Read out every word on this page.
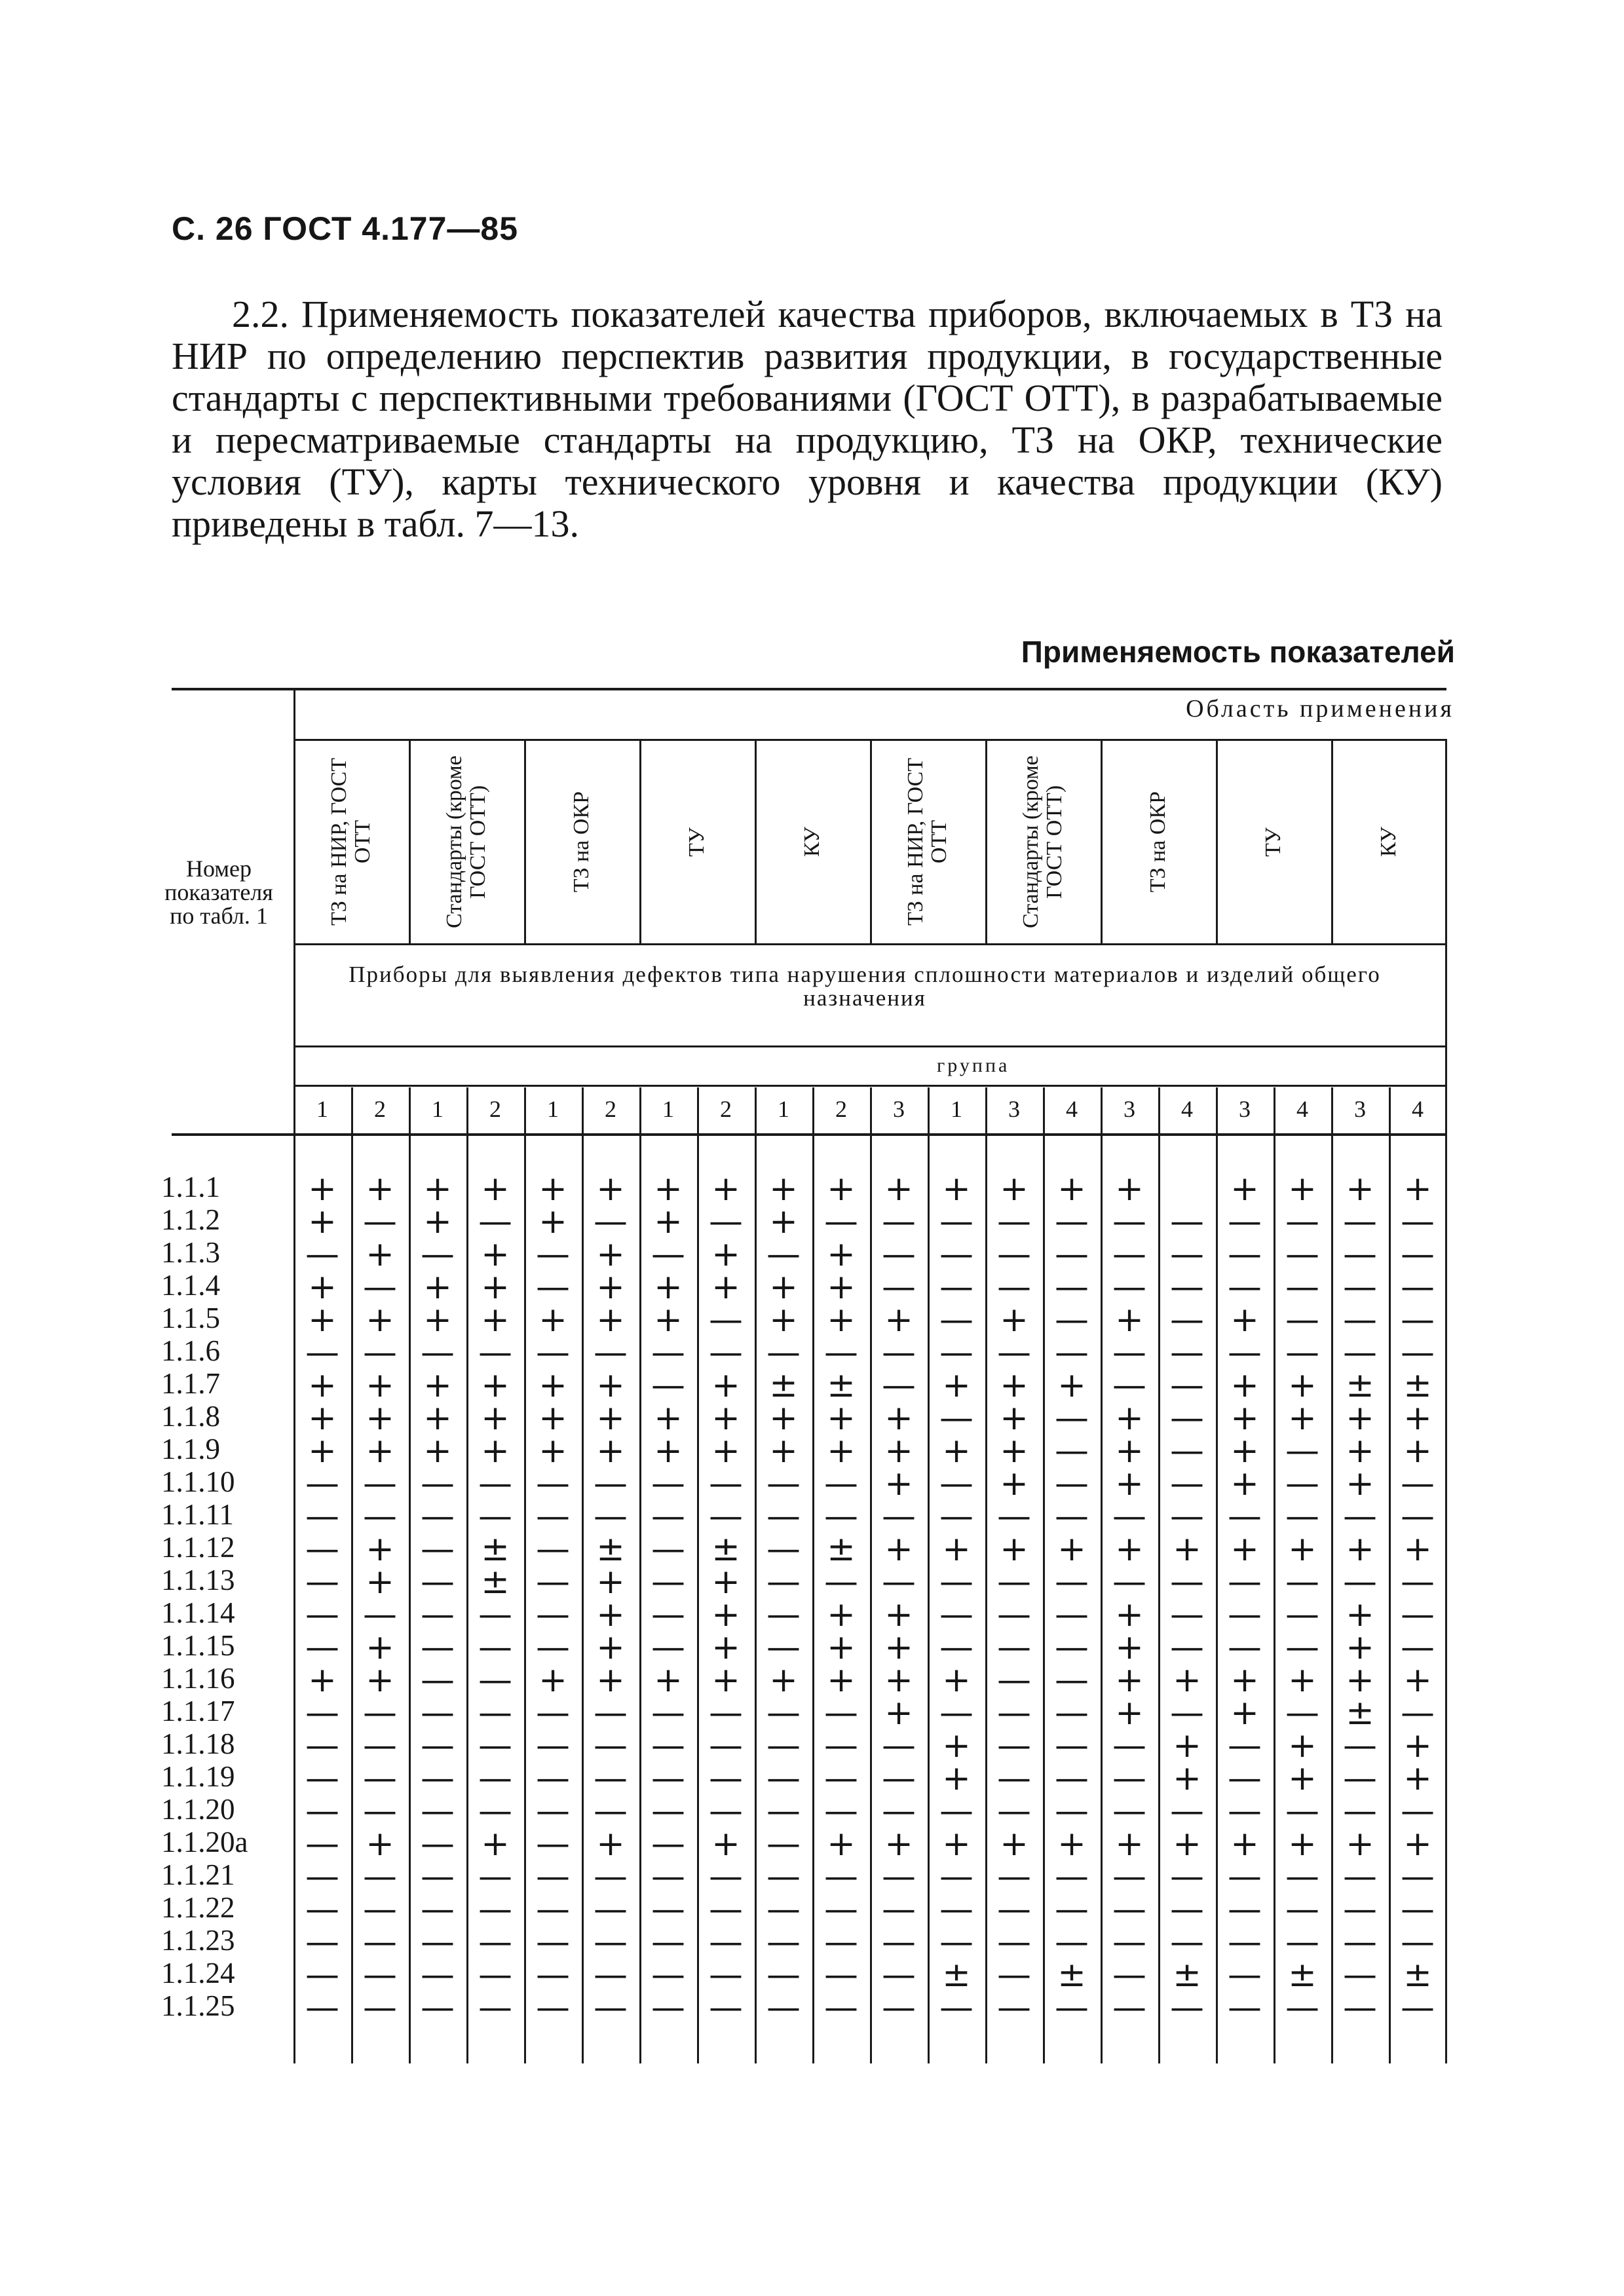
С. 26 ГОСТ 4.177—85

2.2. Применяемость показателей качества приборов, включаемых в ТЗ на НИР по определению перспектив развития продукции, в государственные стандарты с перспективными требованиями (ГОСТ ОТТ), в разрабатываемые и пересматриваемые стандарты на продукцию, ТЗ на ОКР, технические условия (ТУ), карты технического уровня и качества продукции (КУ) приведены в табл. 7—13.

Применяемость показателей
Область применения
Номер показателя по табл. 1
Приборы для выявления дефектов типа нарушения сплошности материалов и изделий общего назначения
группа
ТЗ на НИР, ГОСТ ОТТ	Стандарты (кроме ГОСТ ОТТ)	ТЗ на ОКР	ТУ	КУ	ТЗ на НИР, ГОСТ ОТТ	Стандарты (кроме ГОСТ ОТТ)	ТЗ на ОКР	ТУ	КУ
1	2	1	2	1	2	1	2	1	2	3	1	3	4	3	4	3	4	3	4
1.1.1	+ + + + + + + + + + + + + + +	+ + + +
1.1.2	+ — + — + — + — + — — — — — — — — — — —
1.1.3	— + — + — + — + — + — — — — — — — — — —
1.1.4	+ — + + — + + + + + — — — — — — — — — —
1.1.5	+ + + + + + + — + + + — + — + — + — — —
1.1.6	— — — — — — — — — — — — — — — — — — — —
1.1.7	+ + + + + + — + ± ± — + + + — — + + ± ±
1.1.8	+ + + + + + + + + + + — + — + — + + + +
1.1.9	+ + + + + + + + + + + + + — + — + — + +
1.1.10	— — — — — — — — — — + — + — + — + — + —
1.1.11	— — — — — — — — — — — — — — — — — — — —
1.1.12	— + — ± — ± — ± — ± + + + + + + + + + +
1.1.13	— + — ± — + — + — — — — — — — — — — — —
1.1.14	— — — — — + — + — + + — — — + — — — + —
1.1.15	— + — — — + — + — + + — — — + — — — + —
1.1.16	+ + — — + + + + + + + + — — + + + + + +
1.1.17	— — — — — — — — — — + — — — + — + — ± —
1.1.18	— — — — — — — — — — — + — — — + — + — +
1.1.19	— — — — — — — — — — — + — — — + — + — +
1.1.20	— — — — — — — — — — — — — — — — — — — —
1.1.20а	— + — + — + — + — + + + + + + + + + + +
1.1.21	— — — — — — — — — — — — — — — — — — — —
1.1.22	— — — — — — — — — — — — — — — — — — — —
1.1.23	— — — — — — — — — — — — — — — — — — — —
1.1.24	— — — — — — — — — — — ± — ± — ± — ± — ±
1.1.25	— — — — — — — — — — — — — — — — — — — —
